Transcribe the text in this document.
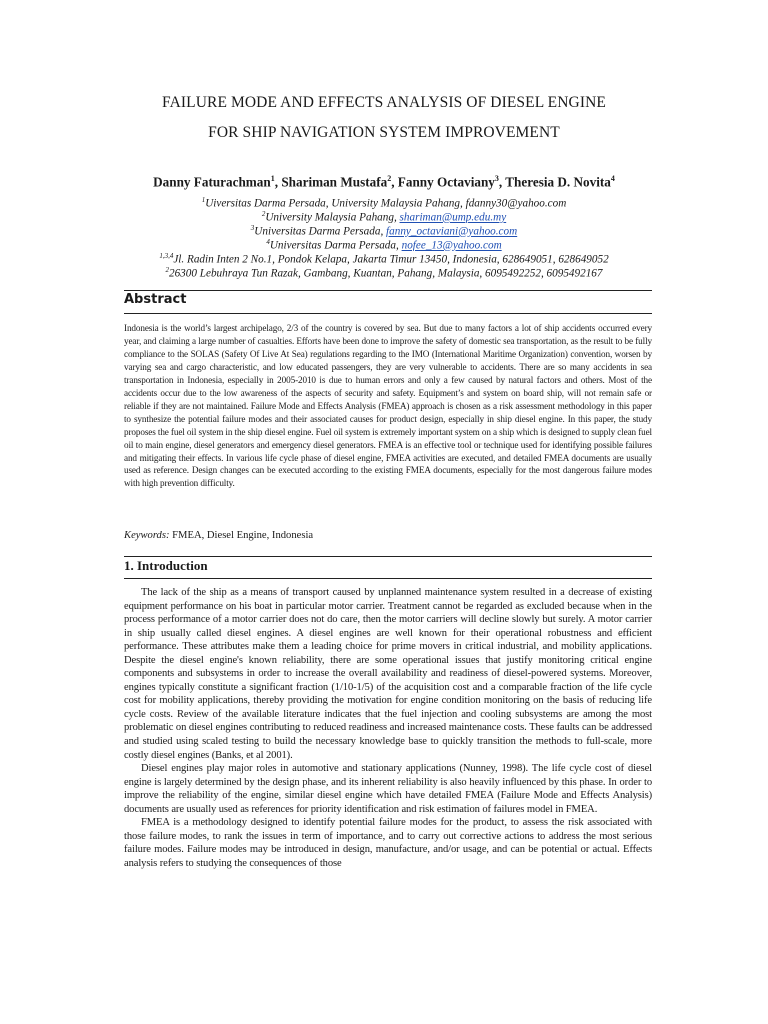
FAILURE MODE AND EFFECTS ANALYSIS OF DIESEL ENGINE
FOR SHIP NAVIGATION SYSTEM IMPROVEMENT
Danny Faturachman$^1$, Shariman Mustafa$^2$, Fanny Octaviany$^3$, Theresia D. Novita$^4$
$^1$Uiversitas Darma Persada, University Malaysia Pahang, fdanny30@yahoo.com
$^2$University Malaysia Pahang, shariman@ump.edu.my
$^3$Universitas Darma Persada, fanny_octaviani@yahoo.com
$^4$Universitas Darma Persada, nofee_13@yahoo.com
$^{1,3,4}$Jl. Radin Inten 2 No.1, Pondok Kelapa, Jakarta Timur 13450, Indonesia, 628649051, 628649052
$^2$26300 Lebuhraya Tun Razak, Gambang, Kuantan, Pahang, Malaysia, 6095492252, 6095492167
Abstract
Indonesia is the world’s largest archipelago, 2/3 of the country is covered by sea. But due to many factors a lot of ship accidents occurred every year, and claiming a large number of casualties. Efforts have been done to improve the safety of domestic sea transportation, as the result to be fully compliance to the SOLAS (Safety Of Live At Sea) regulations regarding to the IMO (International Maritime Organization) convention, worsen by varying sea and cargo characteristic, and low educated passengers, they are very vulnerable to accidents. There are so many accidents in sea transportation in Indonesia, especially in 2005-2010 is due to human errors and only a few caused by natural factors and others. Most of the accidents occur due to the low awareness of the aspects of security and safety. Equipment’s and system on board ship, will not remain safe or reliable if they are not maintained. Failure Mode and Effects Analysis (FMEA) approach is chosen as a risk assessment methodology in this paper to synthesize the potential failure modes and their associated causes for product design, especially in ship diesel engine. In this paper, the study proposes the fuel oil system in the ship diesel engine. Fuel oil system is extremely important system on a ship which is designed to supply clean fuel oil to main engine, diesel generators and emergency diesel generators. FMEA is an effective tool or technique used for identifying possible failures and mitigating their effects. In various life cycle phase of diesel engine, FMEA activities are executed, and detailed FMEA documents are usually used as reference. Design changes can be executed according to the existing FMEA documents, especially for the most dangerous failure modes with high prevention difficulty.
Keywords: FMEA, Diesel Engine, Indonesia
1. Introduction

The lack of the ship as a means of transport caused by unplanned maintenance system resulted in a decrease of existing equipment performance on his boat in particular motor carrier. Treatment cannot be regarded as excluded because when in the process performance of a motor carrier does not do care, then the motor carriers will decline slowly but surely. A motor carrier in ship usually called diesel engines. A diesel engines are well known for their operational robustness and efficient performance. These attributes make them a leading choice for prime movers in critical industrial, and mobility applications. Despite the diesel engine's known reliability, there are some operational issues that justify monitoring critical engine components and subsystems in order to increase the overall availability and readiness of diesel-powered systems. Moreover, engines typically constitute a significant fraction (1/10-1/5) of the acquisition cost and a comparable fraction of the life cycle cost for mobility applications, thereby providing the motivation for engine condition monitoring on the basis of reducing life cycle costs. Review of the available literature indicates that the fuel injection and cooling subsystems are among the most problematic on diesel engines contributing to reduced readiness and increased maintenance costs. These faults can be addressed and studied using scaled testing to build the necessary knowledge base to quickly transition the methods to full-scale, more costly diesel engines (Banks, et al 2001).

Diesel engines play major roles in automotive and stationary applications (Nunney, 1998). The life cycle cost of diesel engine is largely determined by the design phase, and its inherent reliability is also heavily influenced by this phase. In order to improve the reliability of the engine, similar diesel engine which have detailed FMEA (Failure Mode and Effects Analysis) documents are usually used as references for priority identification and risk estimation of failures model in FMEA.

FMEA is a methodology designed to identify potential failure modes for the product, to assess the risk associated with those failure modes, to rank the issues in term of importance, and to carry out corrective actions to address the most serious failure modes. Failure modes may be introduced in design, manufacture, and/or usage, and can be potential or actual. Effects analysis refers to studying the consequences of those
